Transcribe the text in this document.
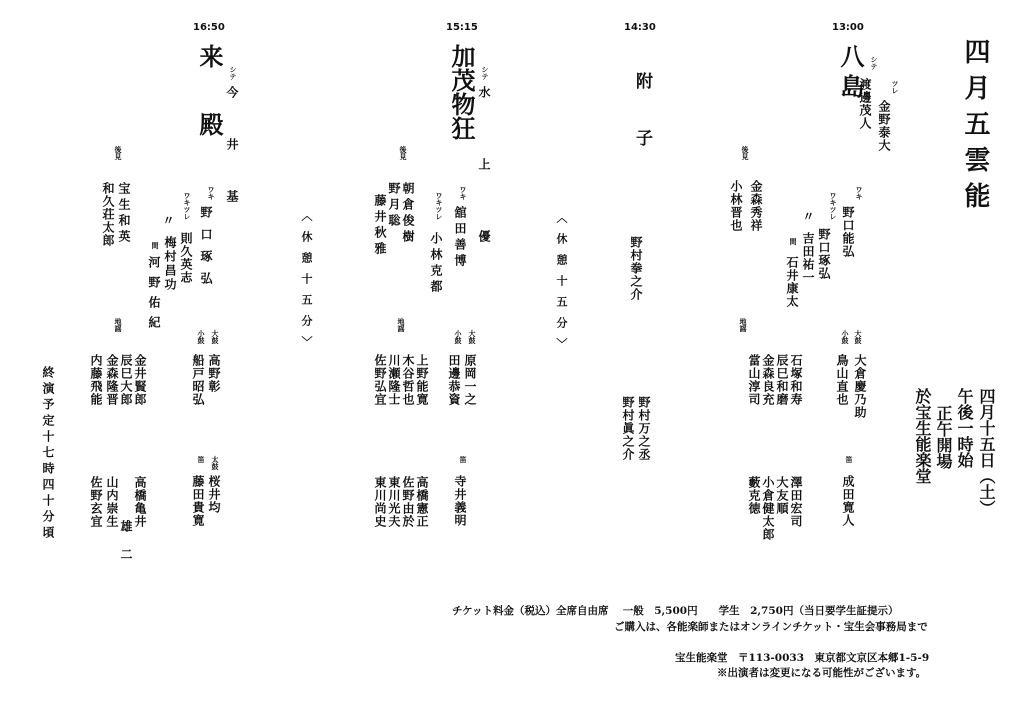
四月五雲能
四月十五日（土）
午後一時始
正午開場
於宝生能楽堂
13:00
八島	ツレ
金野泰大
シテ
渡邊茂人
ワキ
野口能弘
ワキツレ
野口琢弘
〃
吉田祐一
間
石井康太
後見
金森秀祥
小林晋也
大鼓
大倉慶乃助
小鼓
鳥山直也
笛
成田寛人
地謡
石塚和寿
辰巳和磨
金森良充
當山淳司
澤田宏司
大友順
小倉健太郎
藪克徳
14:30
附子
野村拳之介
野村万之丞
野村眞之介
15:15
加茂物狂 シテ
水上優
ワキ
舘田善博
ワキツレ
小林克都
後見
朝倉俊樹
野月聡
藤井秋雅
大鼓
原岡一之
小鼓
田邊恭資
笛
寺井義明
地謡
上野能寛
木谷哲也
川瀬隆士
佐野弘宜
高橋憲正
佐野由於
東川光夫
東川尚史
〈休憩十五分〉
〈休憩十五分〉
16:50
来殿 シテ
今井基
ワキ
野口琢弘
ワキツレ
則久英志
〃
梅村昌功
間
河野佑紀
後見
宝生和英
和久荘太郎
大鼓
高野彰
小鼓
船戸昭弘
太鼓
桜井均
笛
藤田貴寛
地謡
金井賢郎
辰巳大郎
内藤飛能
高橋亀井
佐野玄宜 山内崇生
金森隆晋
雄二
終演予定十七時四十分頃
チケット料金（税込）全席自由席　 一般　5,500円　　学生　2,750円（当日要学生証提示）
ご購入は、各能楽師またはオンラインチケット・宝生会事務局まで
宝生能楽堂　〒113-0033　東京都文京区本郷1-5-9
※出演者は変更になる可能性がございます。
